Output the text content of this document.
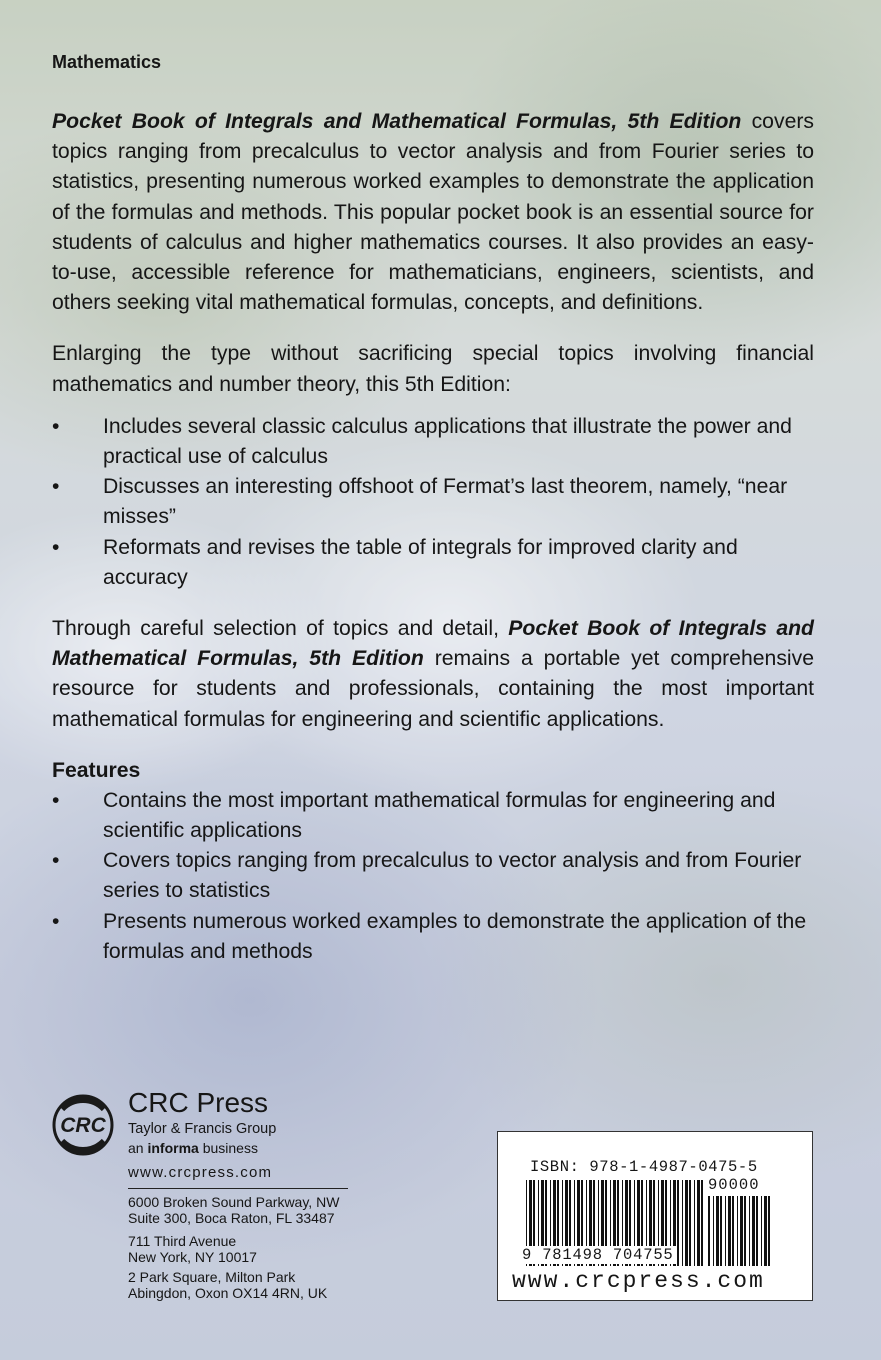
Mathematics

Pocket Book of Integrals and Mathematical Formulas, 5th Edition covers topics ranging from precalculus to vector analysis and from Fourier series to statistics, presenting numerous worked examples to demonstrate the application of the formulas and methods. This popular pocket book is an essential source for students of calculus and higher mathematics courses. It also provides an easy-to-use, accessible reference for mathematicians, engineers, scientists, and others seeking vital mathematical formulas, concepts, and definitions.

Enlarging the type without sacrificing special topics involving financial mathematics and number theory, this 5th Edition:

• Includes several classic calculus applications that illustrate the power and practical use of calculus
• Discusses an interesting offshoot of Fermat’s last theorem, namely, “near misses”
• Reformats and revises the table of integrals for improved clarity and accuracy

Through careful selection of topics and detail, Pocket Book of Integrals and Mathematical Formulas, 5th Edition remains a portable yet comprehensive resource for students and professionals, containing the most important mathematical formulas for engineering and scientific applications.

Features
• Contains the most important mathematical formulas for engineering and scientific applications
• Covers topics ranging from precalculus to vector analysis and from Fourier series to statistics
• Presents numerous worked examples to demonstrate the application of the formulas and methods
CRC
CRC Press
Taylor & Francis Group
an informa business
www.crcpress.com
6000 Broken Sound Parkway, NW
Suite 300, Boca Raton, FL 33487
711 Third Avenue
New York, NY 10017
2 Park Square, Milton Park
Abingdon, Oxon OX14 4RN, UK
ISBN: 978-1-4987-0475-5
90000
9 781498 704755
www.crcpress.com
